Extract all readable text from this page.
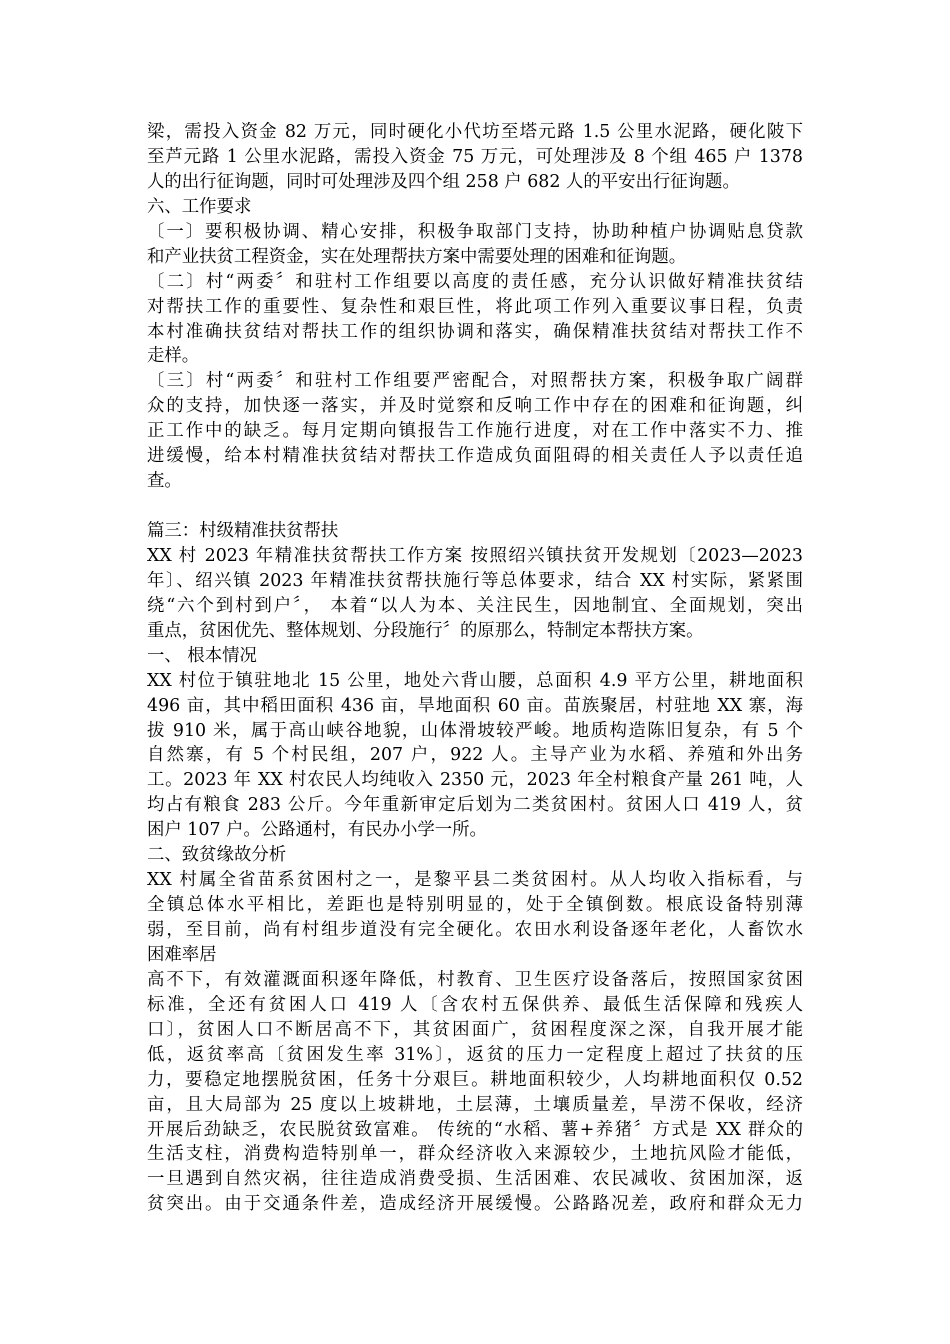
梁，需投入资金 82 万元，同时硬化小代坊至塔元路 1.5 公里水泥路，硬化陂下
至芦元路 1 公里水泥路，需投入资金 75 万元，可处理涉及 8 个组 465 户 1378
人的出行征询题，同时可处理涉及四个组 258 户 682 人的平安出行征询题。
六、工作要求
〔一〕要积极协调、精心安排，积极争取部门支持，协助种植户协调贴息贷款
和产业扶贫工程资金，实在处理帮扶方案中需要处理的困难和征询题。
〔二〕村“两委〞和驻村工作组要以高度的责任感，充分认识做好精准扶贫结
对帮扶工作的重要性、复杂性和艰巨性，将此项工作列入重要议事日程，负责
本村准确扶贫结对帮扶工作的组织协调和落实，确保精准扶贫结对帮扶工作不
走样。
〔三〕村“两委〞和驻村工作组要严密配合，对照帮扶方案，积极争取广阔群
众的支持，加快逐一落实，并及时觉察和反响工作中存在的困难和征询题，纠
正工作中的缺乏。每月定期向镇报告工作施行进度，对在工作中落实不力、推
进缓慢，给本村精准扶贫结对帮扶工作造成负面阻碍的相关责任人予以责任追
查。
篇三：村级精准扶贫帮扶
XX 村 2023 年精准扶贫帮扶工作方案 按照绍兴镇扶贫开发规划〔2023—2023
年〕、绍兴镇 2023 年精准扶贫帮扶施行等总体要求，结合 XX 村实际，紧紧围
绕“六个到村到户〞， 本着“以人为本、关注民生，因地制宜、全面规划，突出
重点，贫困优先、整体规划、分段施行〞的原那么，特制定本帮扶方案。
一、 根本情况
XX 村位于镇驻地北 15 公里，地处六背山腰，总面积 4.9 平方公里，耕地面积
496 亩，其中稻田面积 436 亩，旱地面积 60 亩。苗族聚居，村驻地 XX 寨，海
拔 910 米，属于高山峡谷地貌，山体滑坡较严峻。地质构造陈旧复杂，有 5 个
自然寨，有 5 个村民组，207 户，922 人。主导产业为水稻、养殖和外出务
工。2023 年 XX 村农民人均纯收入 2350 元，2023 年全村粮食产量 261 吨，人
均占有粮食 283 公斤。今年重新审定后划为二类贫困村。贫困人口 419 人，贫
困户 107 户。公路通村，有民办小学一所。
二、致贫缘故分析
XX 村属全省苗系贫困村之一，是黎平县二类贫困村。从人均收入指标看，与
全镇总体水平相比，差距也是特别明显的，处于全镇倒数。根底设备特别薄
弱，至目前，尚有村组步道没有完全硬化。农田水利设备逐年老化，人畜饮水
困难率居
高不下，有效灌溉面积逐年降低，村教育、卫生医疗设备落后，按照国家贫困
标准，全还有贫困人口 419 人〔含农村五保供养、最低生活保障和残疾人
口〕，贫困人口不断居高不下，其贫困面广，贫困程度深之深，自我开展才能
低，返贫率高〔贫困发生率 31%〕，返贫的压力一定程度上超过了扶贫的压
力，要稳定地摆脱贫困，任务十分艰巨。耕地面积较少，人均耕地面积仅 0.52
亩，且大局部为 25 度以上坡耕地，土层薄，土壤质量差，旱涝不保收，经济
开展后劲缺乏，农民脱贫致富难。 传统的“水稻、薯+养猪〞方式是 XX 群众的
生活支柱，消费构造特别单一，群众经济收入来源较少，土地抗风险才能低，
一旦遇到自然灾祸，往往造成消费受损、生活困难、农民减收、贫困加深，返
贫突出。由于交通条件差，造成经济开展缓慢。公路路况差，政府和群众无力
